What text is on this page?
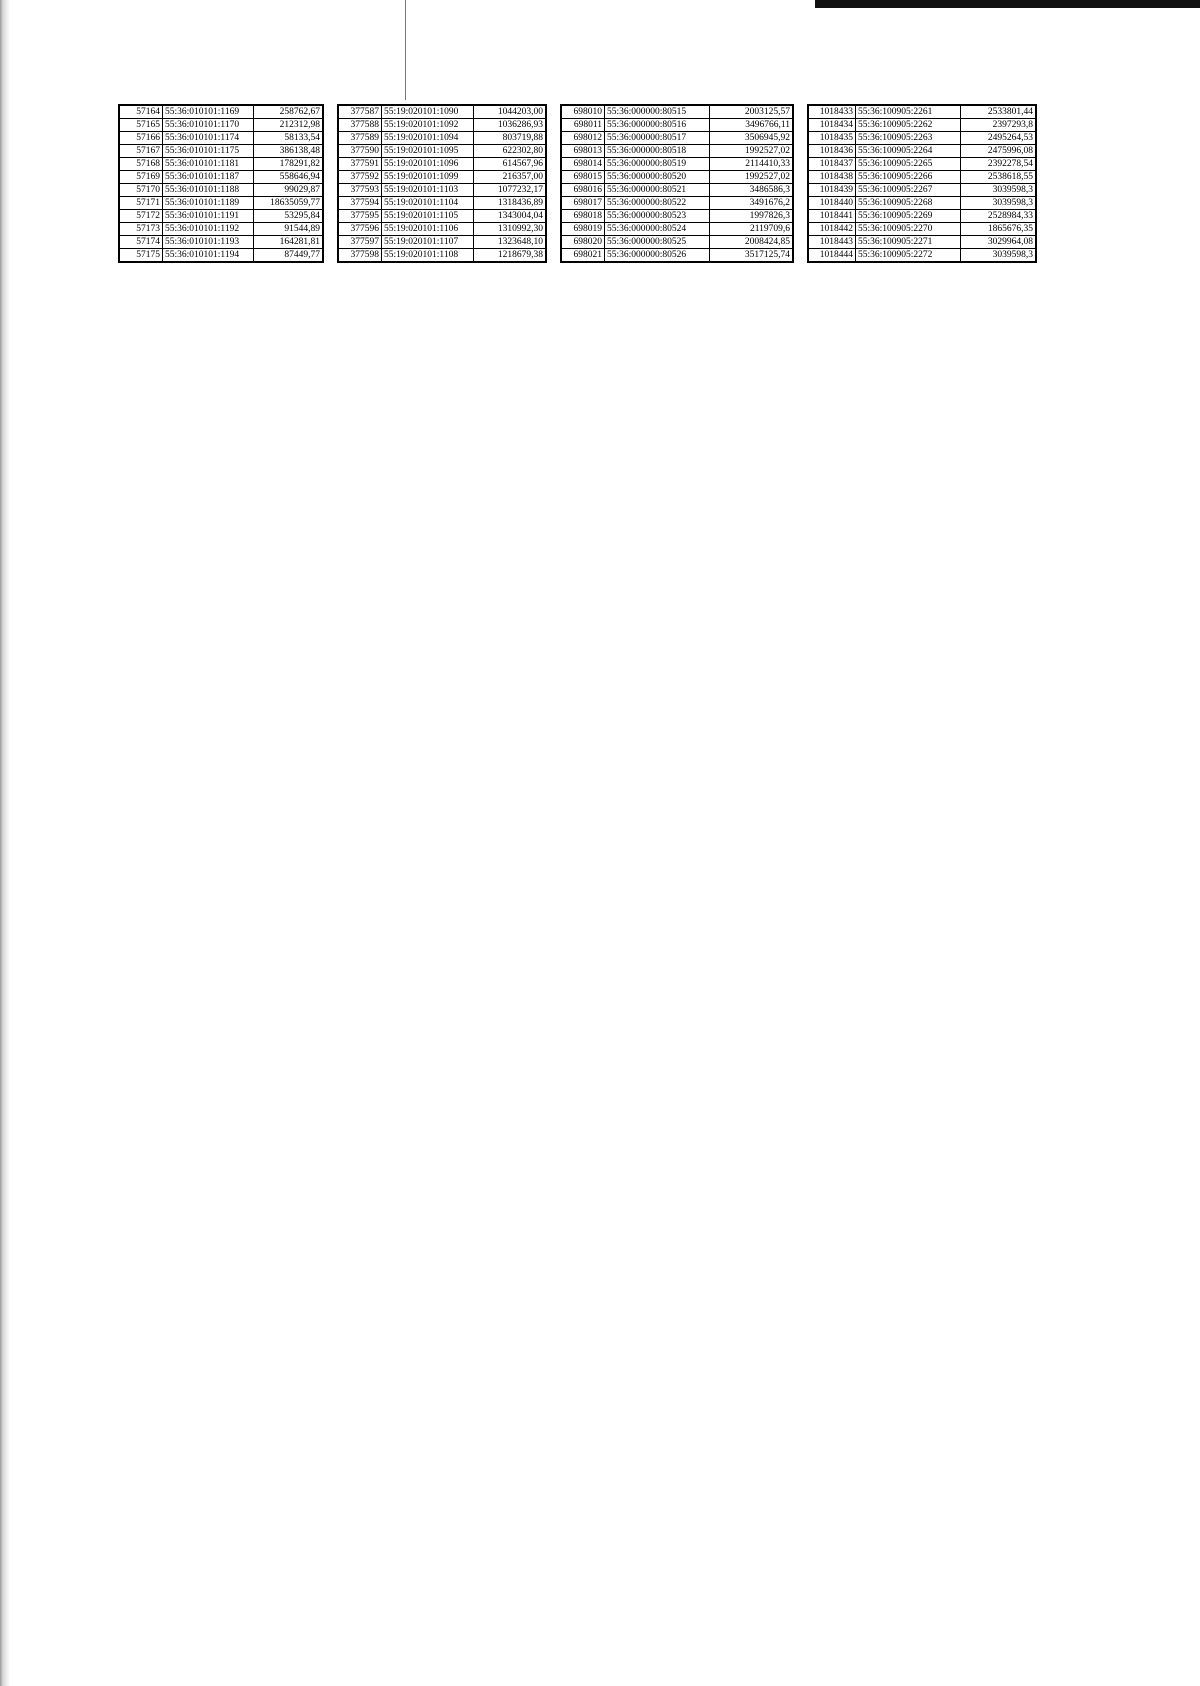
57164	55:36:010101:1169	258762,67
57165	55:36:010101:1170	212312,98
57166	55:36:010101:1174	58133,54
57167	55:36:010101:1175	386138,48
57168	55:36:010101:1181	178291,82
57169	55:36:010101:1187	558646,94
57170	55:36:010101:1188	99029,87
57171	55:36:010101:1189	18635059,77
57172	55:36:010101:1191	53295,84
57173	55:36:010101:1192	91544,89
57174	55:36:010101:1193	164281,81
57175	55:36:010101:1194	87449,77
377587	55:19:020101:1090	1044203,00
377588	55:19:020101:1092	1036286,93
377589	55:19:020101:1094	803719,88
377590	55:19:020101:1095	622302,80
377591	55:19:020101:1096	614567,96
377592	55:19:020101:1099	216357,00
377593	55:19:020101:1103	1077232,17
377594	55:19:020101:1104	1318436,89
377595	55:19:020101:1105	1343004,04
377596	55:19:020101:1106	1310992,30
377597	55:19:020101:1107	1323648,10
377598	55:19:020101:1108	1218679,38
698010	55:36:000000:80515	2003125,57
698011	55:36:000000:80516	3496766,11
698012	55:36:000000:80517	3506945,92
698013	55:36:000000:80518	1992527,02
698014	55:36:000000:80519	2114410,33
698015	55:36:000000:80520	1992527,02
698016	55:36:000000:80521	3486586,3
698017	55:36:000000:80522	3491676,2
698018	55:36:000000:80523	1997826,3
698019	55:36:000000:80524	2119709,6
698020	55:36:000000:80525	2008424,85
698021	55:36:000000:80526	3517125,74
1018433	55:36:100905:2261	2533801,44
1018434	55:36:100905:2262	2397293,8
1018435	55:36:100905:2263	2495264,53
1018436	55:36:100905:2264	2475996,08
1018437	55:36:100905:2265	2392278,54
1018438	55:36:100905:2266	2538618,55
1018439	55:36:100905:2267	3039598,3
1018440	55:36:100905:2268	3039598,3
1018441	55:36:100905:2269	2528984,33
1018442	55:36:100905:2270	1865676,35
1018443	55:36:100905:2271	3029964,08
1018444	55:36:100905:2272	3039598,3
